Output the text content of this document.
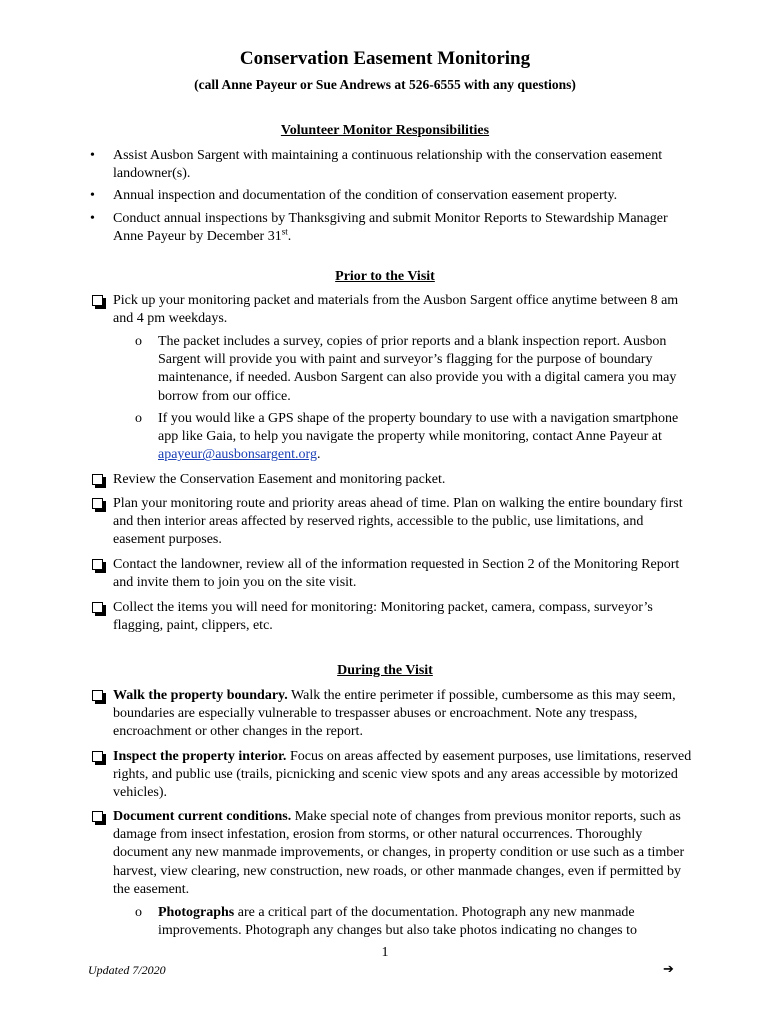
Conservation Easement Monitoring
(call Anne Payeur or Sue Andrews at 526-6555 with any questions)
Volunteer Monitor Responsibilities
• Assist Ausbon Sargent with maintaining a continuous relationship with the conservation easement landowner(s).
• Annual inspection and documentation of the condition of conservation easement property.
• Conduct annual inspections by Thanksgiving and submit Monitor Reports to Stewardship Manager Anne Payeur by December 31st.
Prior to the Visit
Pick up your monitoring packet and materials from the Ausbon Sargent office anytime between 8 am and 4 pm weekdays.
o The packet includes a survey, copies of prior reports and a blank inspection report. Ausbon Sargent will provide you with paint and surveyor’s flagging for the purpose of boundary maintenance, if needed. Ausbon Sargent can also provide you with a digital camera you may borrow from our office.
o If you would like a GPS shape of the property boundary to use with a navigation smartphone app like Gaia, to help you navigate the property while monitoring, contact Anne Payeur at apayeur@ausbonsargent.org.
Review the Conservation Easement and monitoring packet.
Plan your monitoring route and priority areas ahead of time. Plan on walking the entire boundary first and then interior areas affected by reserved rights, accessible to the public, use limitations, and easement purposes.
Contact the landowner, review all of the information requested in Section 2 of the Monitoring Report and invite them to join you on the site visit.
Collect the items you will need for monitoring: Monitoring packet, camera, compass, surveyor’s flagging, paint, clippers, etc.
During the Visit
Walk the property boundary. Walk the entire perimeter if possible, cumbersome as this may seem, boundaries are especially vulnerable to trespasser abuses or encroachment. Note any trespass, encroachment or other changes in the report.
Inspect the property interior. Focus on areas affected by easement purposes, use limitations, reserved rights, and public use (trails, picnicking and scenic view spots and any areas accessible by motorized vehicles).
Document current conditions. Make special note of changes from previous monitor reports, such as damage from insect infestation, erosion from storms, or other natural occurrences. Thoroughly document any new manmade improvements, or changes, in property condition or use such as a timber harvest, view clearing, new construction, new roads, or other manmade changes, even if permitted by the easement.
o Photographs are a critical part of the documentation. Photograph any new manmade improvements. Photograph any changes but also take photos indicating no changes to
1
Updated 7/2020	➔
